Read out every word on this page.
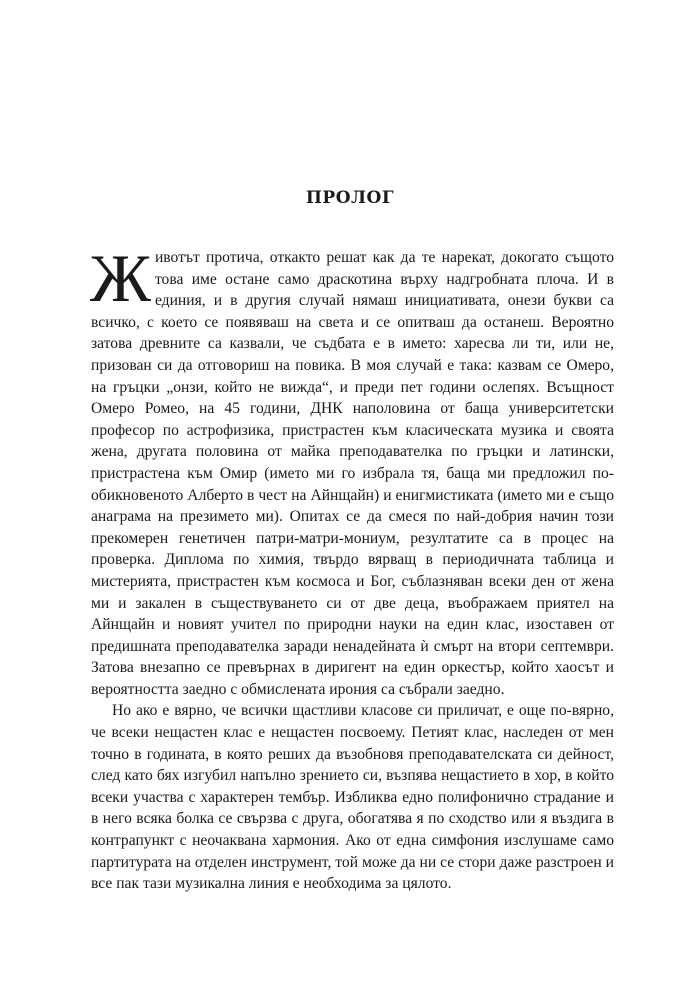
ПРОЛОГ

Животът протича, откакто решат как да те нарекат, докогато същото това име остане само драскотина върху надгробната плоча. И в единия, и в другия случай нямаш инициативата, онези букви са всичко, с което се появяваш на света и се опитваш да останеш. Вероятно затова древните са казвали, че съдбата е в името: харесва ли ти, или не, призован си да отговориш на повика. В моя случай е така: казвам се Омеро, на гръцки „онзи, който не вижда“, и преди пет години ослепях. Всъщност Омеро Ромео, на 45 години, ДНК наполовина от баща университетски професор по астрофизика, пристрастен към класическата музика и своята жена, другата половина от майка преподавателка по гръцки и латински, пристрастена към Омир (името ми го избрала тя, баща ми предложил по-обикновеното Алберто в чест на Айнщайн) и енигмистиката (името ми е също анаграма на презимето ми). Опитах се да смеся по най-добрия начин този прекомерен генетичен патри-матри-мониум, резултатите са в процес на проверка. Диплома по химия, твърдо вярващ в периодичната таблица и мистерията, пристрастен към космоса и Бог, съблазняван всеки ден от жена ми и закален в съществуването си от две деца, въображаем приятел на Айнщайн и новият учител по природни науки на един клас, изоставен от предишната преподавателка заради ненадейната ѝ смърт на втори септември. Затова внезапно се превърнах в диригент на един оркестър, който хаосът и вероятността заедно с обмислената ирония са събрали заедно.

Но ако е вярно, че всички щастливи класове си приличат, е още по-вярно, че всеки нещастен клас е нещастен посвоему. Петият клас, наследен от мен точно в годината, в която реших да възобновя преподавателската си дейност, след като бях изгубил напълно зрението си, възпява нещастието в хор, в който всеки участва с характерен тембър. Избликва едно полифонично страдание и в него всяка болка се свързва с друга, обогатява я по сходство или я въздига в контрапункт с неочаквана хармония. Ако от една симфония изслушаме само партитурата на отделен инструмент, той може да ни се стори даже разстроен и все пак тази музикална линия е необходима за цялото.
